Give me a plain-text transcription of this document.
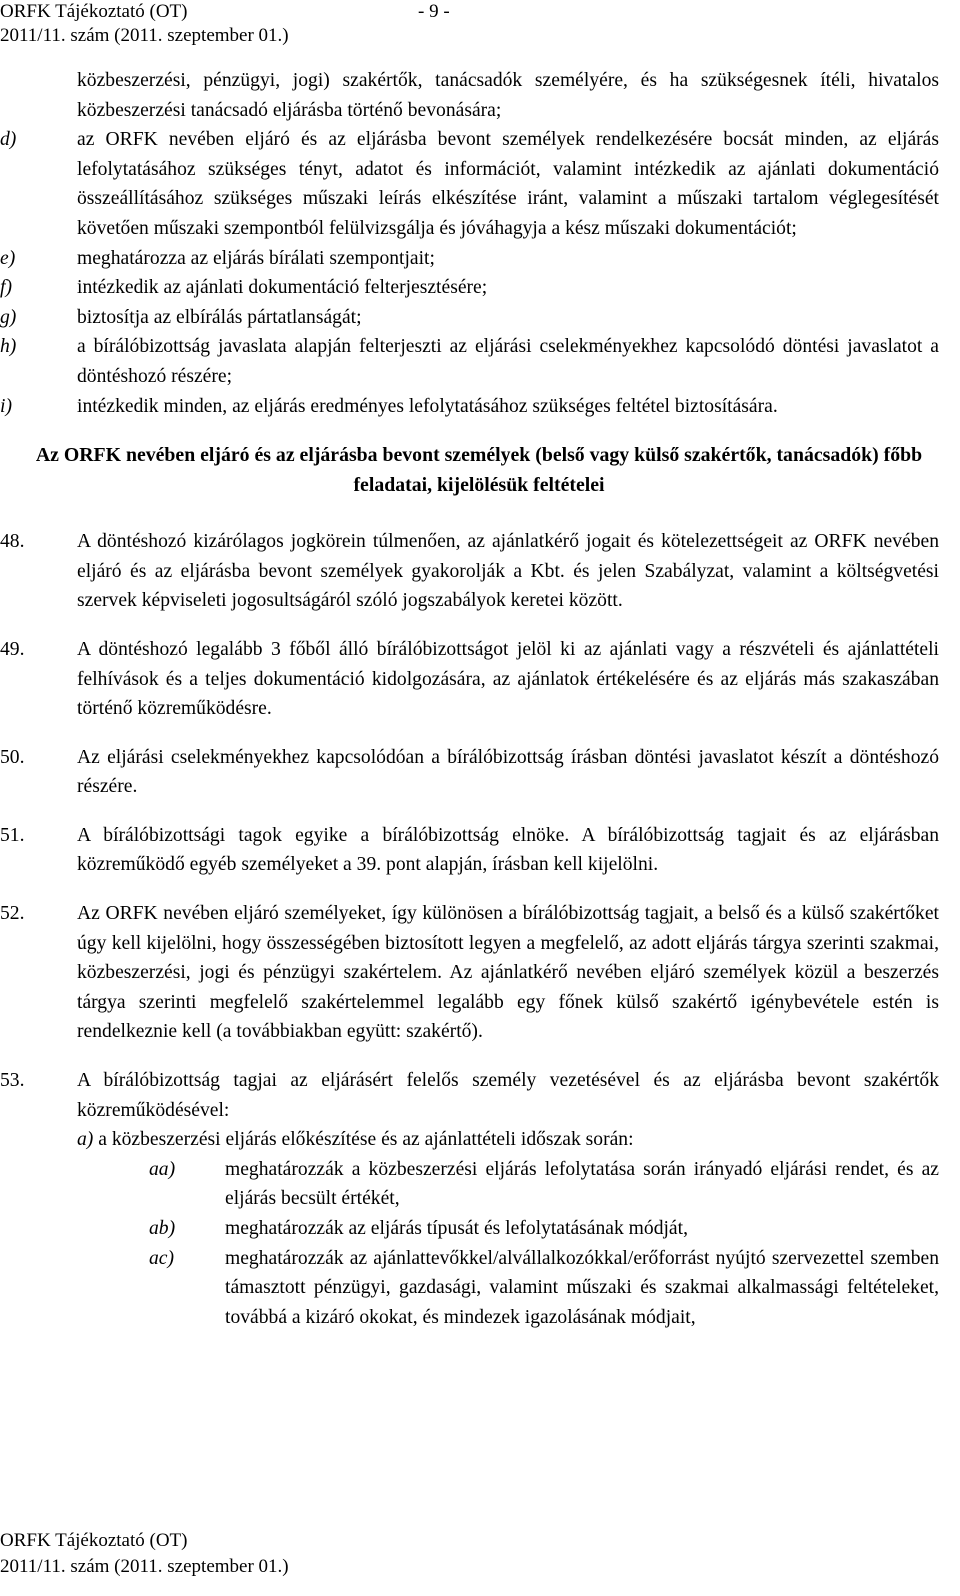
ORFK Tájékoztató (OT)	- 9 -
2011/11. szám (2011. szeptember 01.)
közbeszerzési, pénzügyi, jogi) szakértők, tanácsadók személyére, és ha szükségesnek ítéli, hivatalos közbeszerzési tanácsadó eljárásba történő bevonására;
d)	az ORFK nevében eljáró és az eljárásba bevont személyek rendelkezésére bocsát minden, az eljárás lefolytatásához szükséges tényt, adatot és információt, valamint intézkedik az ajánlati dokumentáció összeállításához szükséges műszaki leírás elkészítése iránt, valamint a műszaki tartalom véglegesítését követően műszaki szempontból felülvizsgálja és jóváhagyja a kész műszaki dokumentációt;
e)	meghatározza az eljárás bírálati szempontjait;
f)	intézkedik az ajánlati dokumentáció felterjesztésére;
g)	biztosítja az elbírálás pártatlanságát;
h)	a bírálóbizottság javaslata alapján felterjeszti az eljárási cselekményekhez kapcsolódó döntési javaslatot a döntéshozó részére;
i)	intézkedik minden, az eljárás eredményes lefolytatásához szükséges feltétel biztosítására.
Az ORFK nevében eljáró és az eljárásba bevont személyek (belső vagy külső szakértők, tanácsadók) főbb feladatai, kijelölésük feltételei
48.	A döntéshozó kizárólagos jogkörein túlmenően, az ajánlatkérő jogait és kötelezettségeit az ORFK nevében eljáró és az eljárásba bevont személyek gyakorolják a Kbt. és jelen Szabályzat, valamint a költségvetési szervek képviseleti jogosultságáról szóló jogszabályok keretei között.
49.	A döntéshozó legalább 3 főből álló bírálóbizottságot jelöl ki az ajánlati vagy a részvételi és ajánlattételi felhívások és a teljes dokumentáció kidolgozására, az ajánlatok értékelésére és az eljárás más szakaszában történő közreműködésre.
50.	Az eljárási cselekményekhez kapcsolódóan a bírálóbizottság írásban döntési javaslatot készít a döntéshozó részére.
51.	A bírálóbizottsági tagok egyike a bírálóbizottság elnöke. A bírálóbizottság tagjait és az eljárásban közreműködő egyéb személyeket a 39. pont alapján, írásban kell kijelölni.
52.	Az ORFK nevében eljáró személyeket, így különösen a bírálóbizottság tagjait, a belső és a külső szakértőket úgy kell kijelölni, hogy összességében biztosított legyen a megfelelő, az adott eljárás tárgya szerinti szakmai, közbeszerzési, jogi és pénzügyi szakértelem. Az ajánlatkérő nevében eljáró személyek közül a beszerzés tárgya szerinti megfelelő szakértelemmel legalább egy főnek külső szakértő igénybevétele estén is rendelkeznie kell (a továbbiakban együtt: szakértő).
53.	A bírálóbizottság tagjai az eljárásért felelős személy vezetésével és az eljárásba bevont szakértők közreműködésével:
a) a közbeszerzési eljárás előkészítése és az ajánlattételi időszak során:
aa)	meghatározzák a közbeszerzési eljárás lefolytatása során irányadó eljárási rendet, és az eljárás becsült értékét,
ab)	meghatározzák az eljárás típusát és lefolytatásának módját,
ac)	meghatározzák az ajánlattevőkkel/alvállalkozókkal/erőforrást nyújtó szervezettel szemben támasztott pénzügyi, gazdasági, valamint műszaki és szakmai alkalmassági feltételeket, továbbá a kizáró okokat, és mindezek igazolásának módjait,
ORFK Tájékoztató (OT)
2011/11. szám (2011. szeptember 01.)
